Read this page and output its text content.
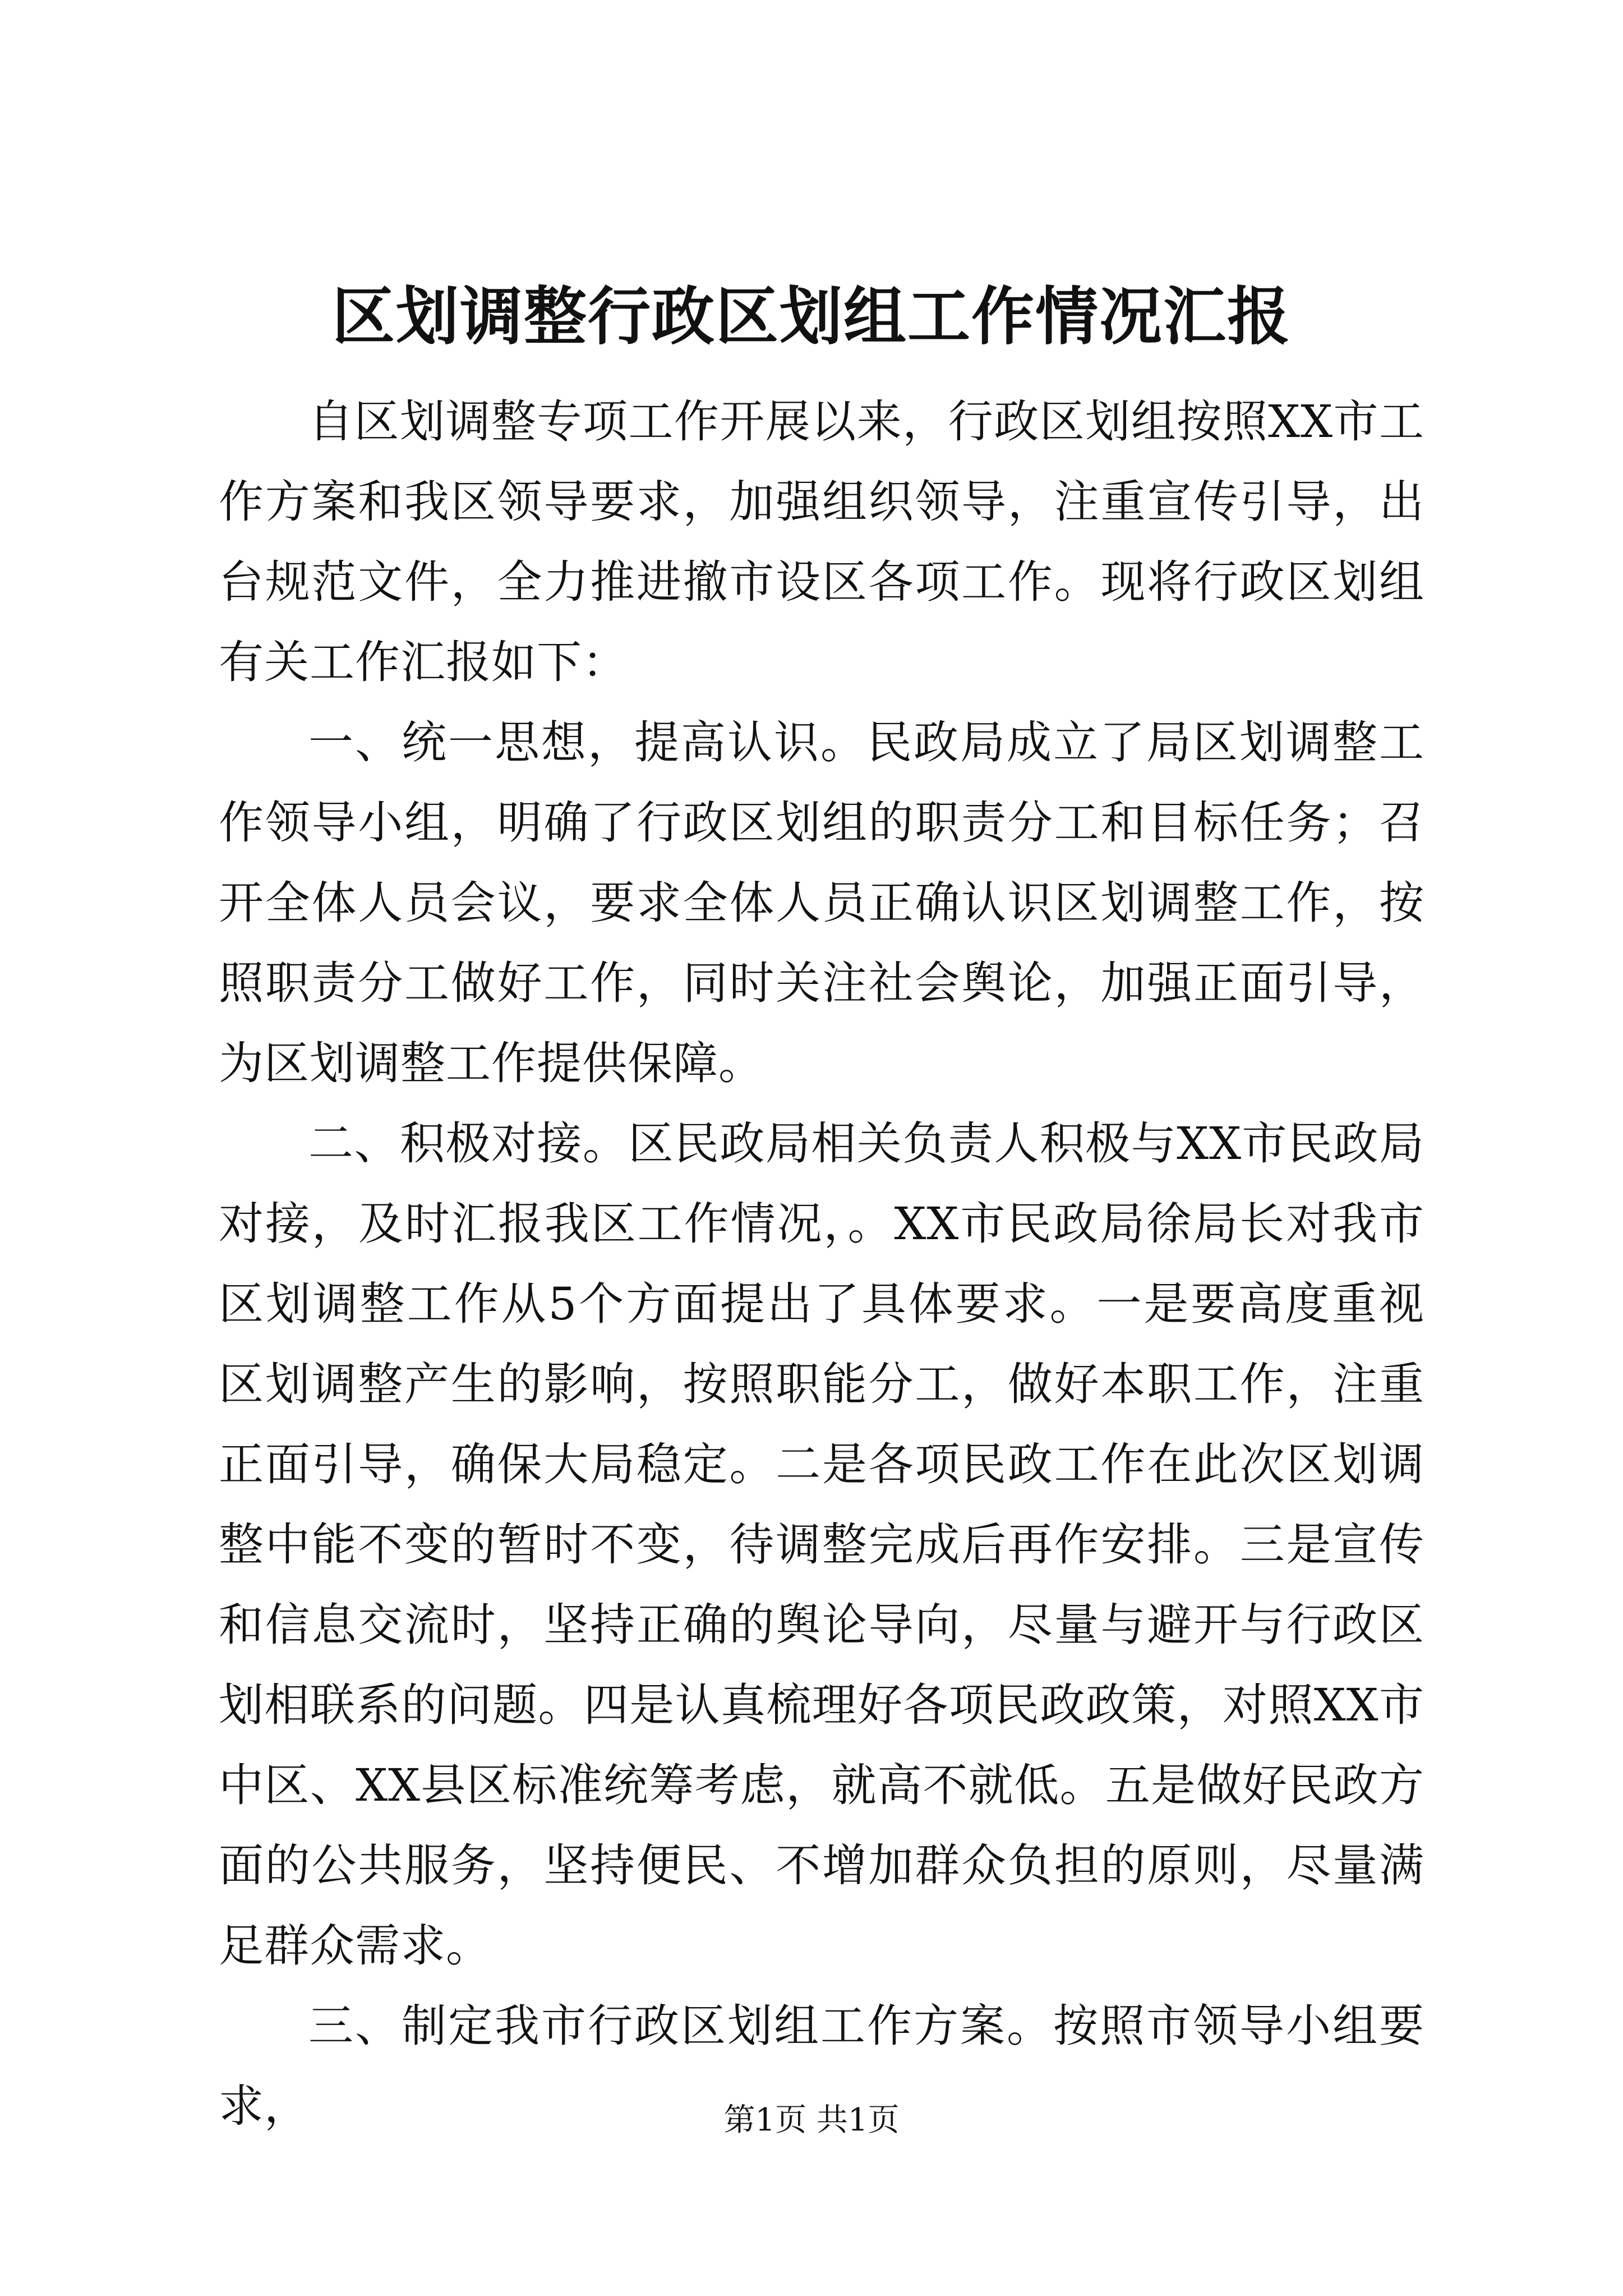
区划调整行政区划组工作情况汇报

自区划调整专项工作开展以来，行政区划组按照XX市工作方案和我区领导要求，加强组织领导，注重宣传引导，出台规范文件，全力推进撤市设区各项工作。现将行政区划组有关工作汇报如下：

一、统一思想，提高认识。民政局成立了局区划调整工作领导小组，明确了行政区划组的职责分工和目标任务；召开全体人员会议，要求全体人员正确认识区划调整工作，按照职责分工做好工作，同时关注社会舆论，加强正面引导，为区划调整工作提供保障。

二、积极对接。区民政局相关负责人积极与XX市民政局对接，及时汇报我区工作情况，。XX市民政局徐局长对我市区划调整工作从5个方面提出了具体要求。一是要高度重视区划调整产生的影响，按照职能分工，做好本职工作，注重正面引导，确保大局稳定。二是各项民政工作在此次区划调整中能不变的暂时不变，待调整完成后再作安排。三是宣传和信息交流时，坚持正确的舆论导向，尽量与避开与行政区划相联系的问题。四是认真梳理好各项民政政策，对照XX市中区、XX县区标准统筹考虑，就高不就低。五是做好民政方面的公共服务，坚持便民、不增加群众负担的原则，尽量满足群众需求。

三、制定我市行政区划组工作方案。按照市领导小组要求，	第1页 共1页
